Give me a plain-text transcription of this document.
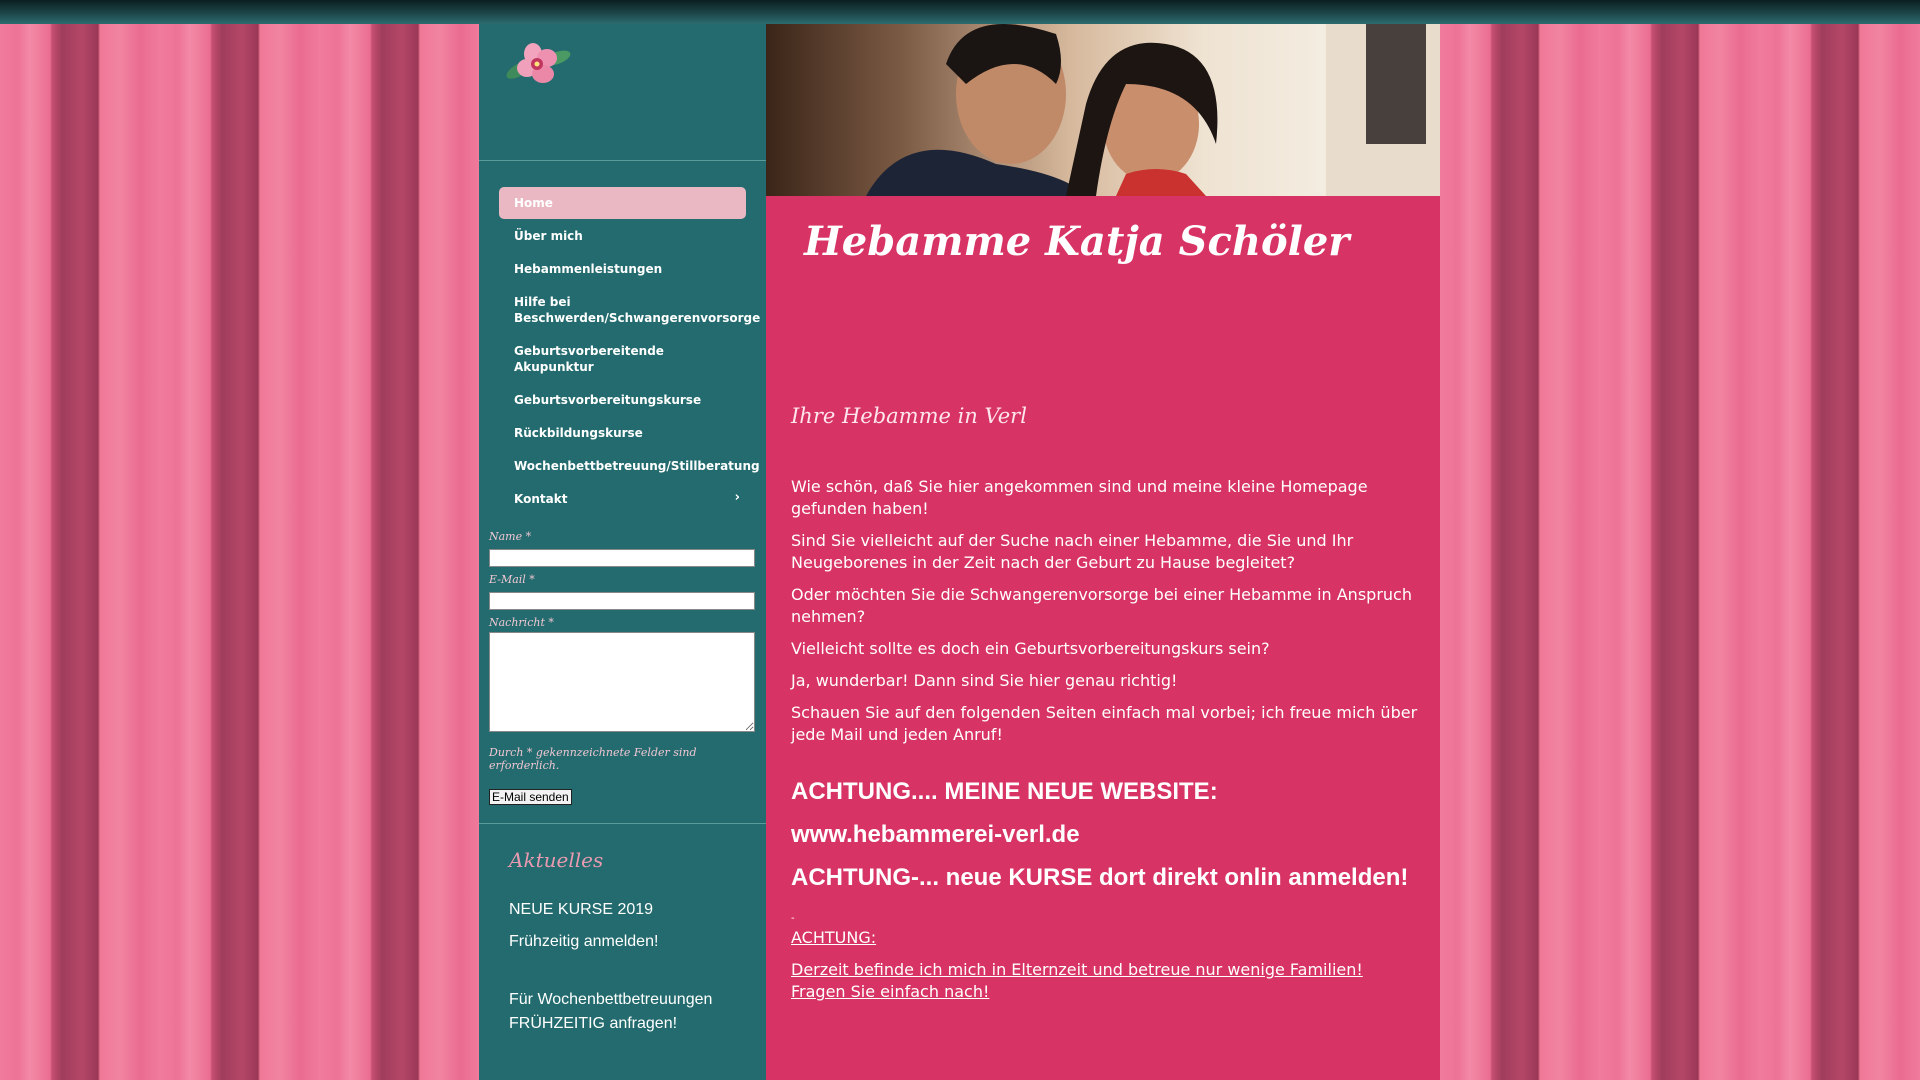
Home
Über mich
Hebammenleistungen
Hilfe bei Beschwerden/Schwangerenvorsorge
Geburtsvorbereitende Akupunktur
Geburtsvorbereitungskurse
Rückbildungskurse
Wochenbettbetreuung/Stillberatung
Kontakt	›
Name *
E-Mail *
Nachricht *
Durch * gekennzeichnete Felder sind erforderlich.
E-Mail senden
Aktuelles

NEUE KURSE 2019

Frühzeitig anmelden!

Für Wochenbettbetreuungen FRÜHZEITIG anfragen!

Hebamme Katja Schöler
Ihre Hebamme in Verl

Wie schön, daß Sie hier angekommen sind und meine kleine Homepage gefunden haben!

Sind Sie vielleicht auf der Suche nach einer Hebamme, die Sie und Ihr Neugeborenes in der Zeit nach der Geburt zu Hause begleitet?

Oder möchten Sie die Schwangerenvorsorge bei einer Hebamme in Anspruch nehmen?

Vielleicht sollte es doch ein Geburtsvorbereitungskurs sein?

Ja, wunderbar! Dann sind Sie hier genau richtig!

Schauen Sie auf den folgenden Seiten einfach mal vorbei; ich freue mich über jede Mail und jeden Anruf!

ACHTUNG.... MEINE NEUE WEBSITE:
www.hebammerei-verl.de
ACHTUNG-... neue KURSE dort direkt onlin anmelden!
-
ACHTUNG:
Derzeit befinde ich mich in Elternzeit und betreue nur wenige Familien! Fragen Sie einfach nach!
